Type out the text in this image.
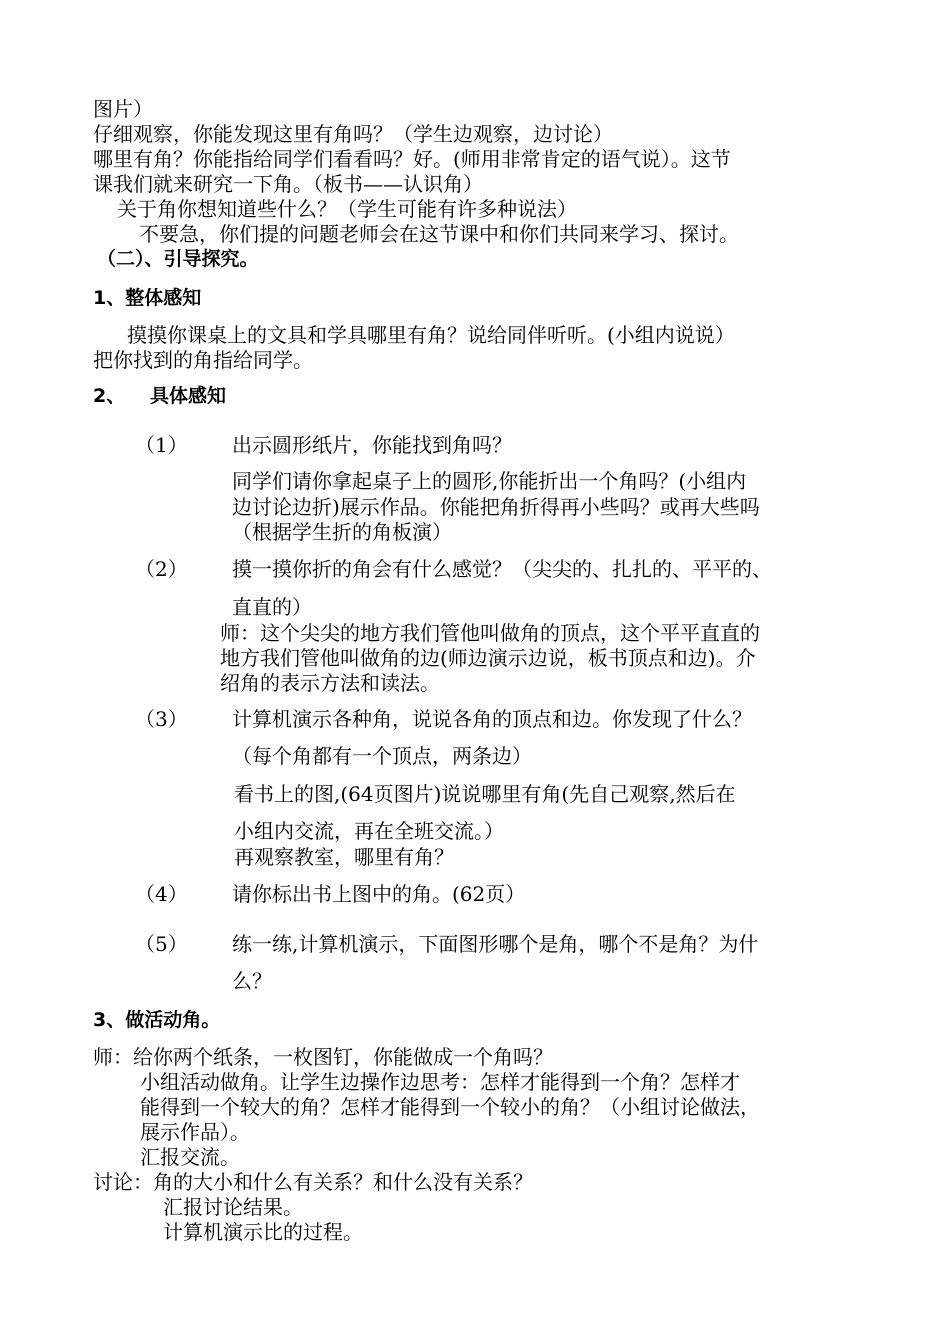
图片）
仔细观察，你能发现这里有角吗？（学生边观察，边讨论）
哪里有角？你能指给同学们看看吗？好。(师用非常肯定的语气说）。这节
课我们就来研究一下角。（板书——认识角）
关于角你想知道些什么？（学生可能有许多种说法）
不要急，你们提的问题老师会在这节课中和你们共同来学习、探讨。
（二）、引导探究。
1、整体感知
摸摸你课桌上的文具和学具哪里有角？说给同伴听听。(小组内说说）
把你找到的角指给同学。
2、 具体感知
（1） 出示圆形纸片，你能找到角吗？
同学们请你拿起桌子上的圆形,你能折出一个角吗？(小组内
边讨论边折)展示作品。你能把角折得再小些吗？或再大些吗
（根据学生折的角板演）
（2） 摸一摸你折的角会有什么感觉？（尖尖的、扎扎的、平平的、
直直的）
师：这个尖尖的地方我们管他叫做角的顶点，这个平平直直的
地方我们管他叫做角的边(师边演示边说，板书顶点和边)。介
绍角的表示方法和读法。
（3） 计算机演示各种角，说说各角的顶点和边。你发现了什么？
（每个角都有一个顶点，两条边）
看书上的图,(64页图片)说说哪里有角(先自己观察,然后在
小组内交流，再在全班交流。）
再观察教室，哪里有角？
（4） 请你标出书上图中的角。(62页）
（5） 练一练,计算机演示，下面图形哪个是角，哪个不是角？为什
么？
3、做活动角。
师：给你两个纸条，一枚图钉，你能做成一个角吗？
小组活动做角。让学生边操作边思考：怎样才能得到一个角？怎样才
能得到一个较大的角？怎样才能得到一个较小的角？（小组讨论做法，
展示作品）。
汇报交流。
讨论：角的大小和什么有关系？和什么没有关系？
汇报讨论结果。
计算机演示比的过程。
